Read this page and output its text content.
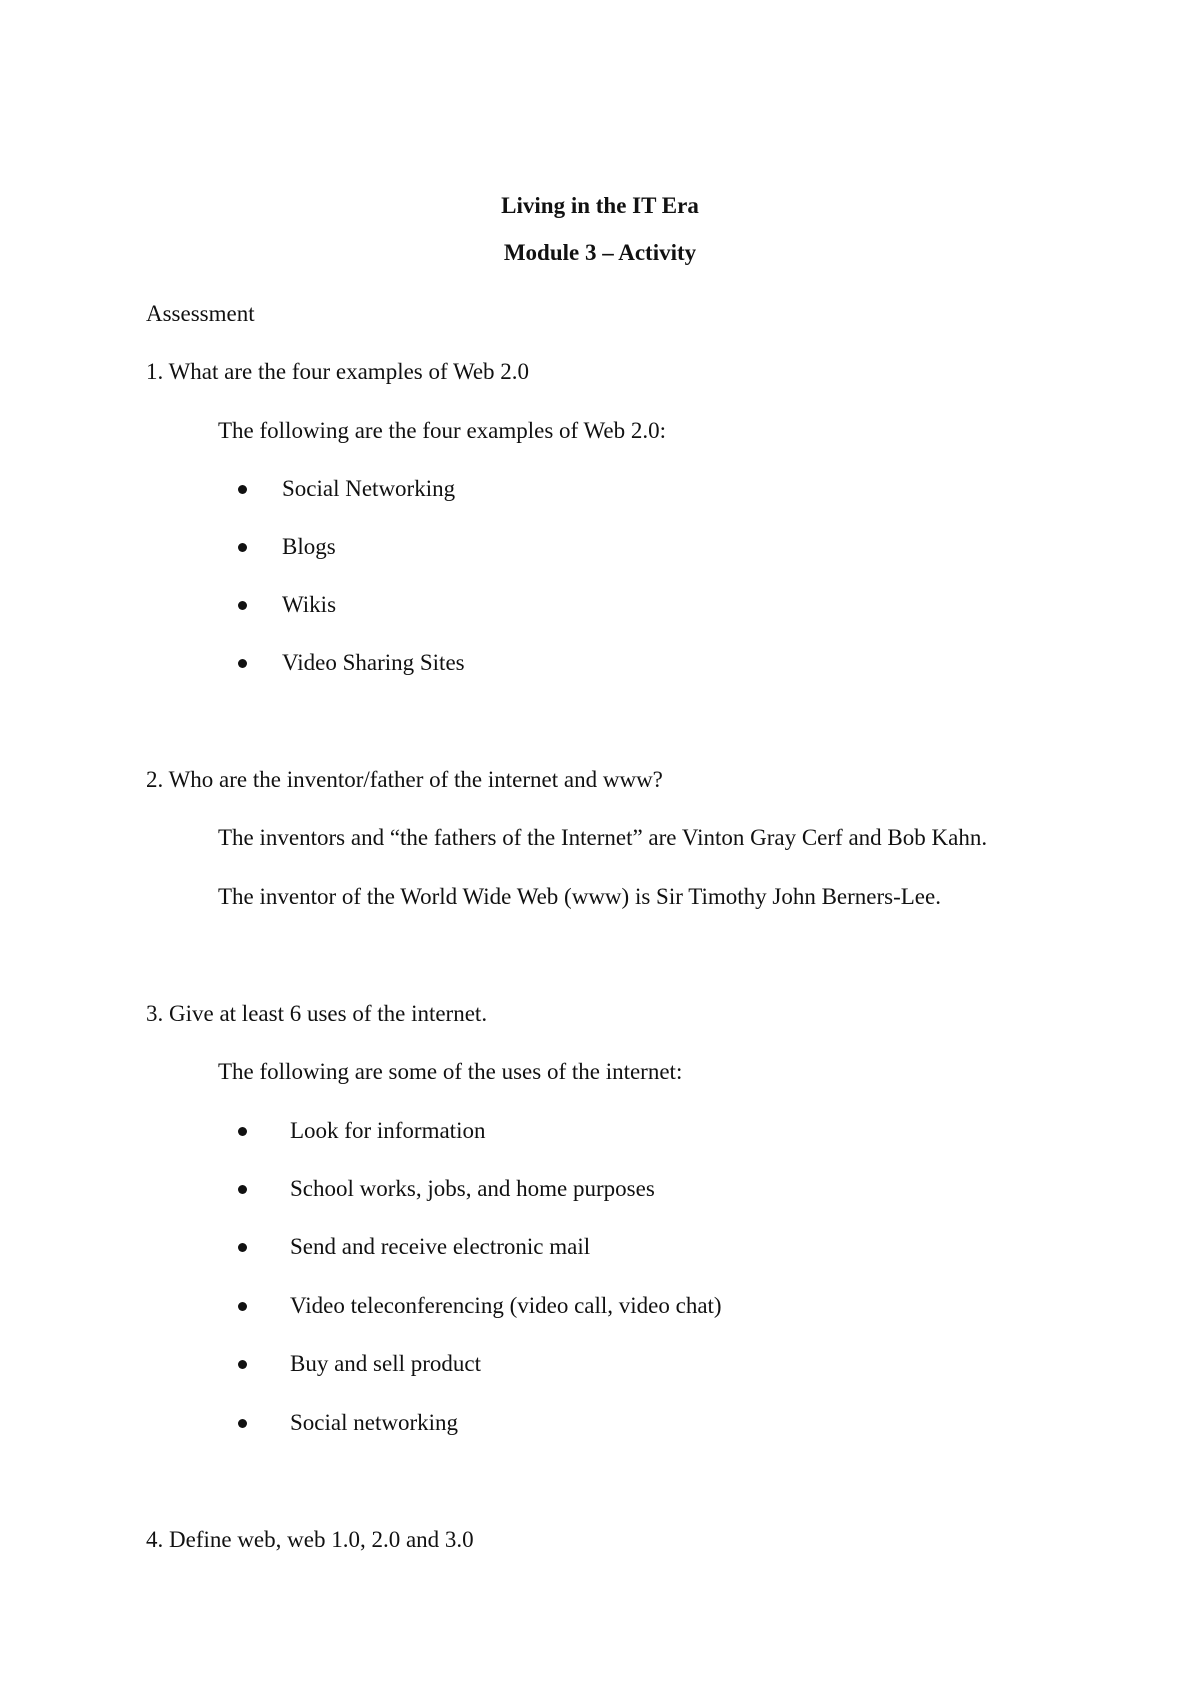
Living in the IT Era
Module 3 – Activity

Assessment

1. What are the four examples of Web 2.0

The following are the four examples of Web 2.0:

Social Networking
Blogs
Wikis
Video Sharing Sites

2. Who are the inventor/father of the internet and www?

The inventors and “the fathers of the Internet” are Vinton Gray Cerf and Bob Kahn.

The inventor of the World Wide Web (www) is Sir Timothy John Berners-Lee.

3. Give at least 6 uses of the internet.

The following are some of the uses of the internet:

Look for information
School works, jobs, and home purposes
Send and receive electronic mail
Video teleconferencing (video call, video chat)
Buy and sell product
Social networking

4. Define web, web 1.0, 2.0 and 3.0
